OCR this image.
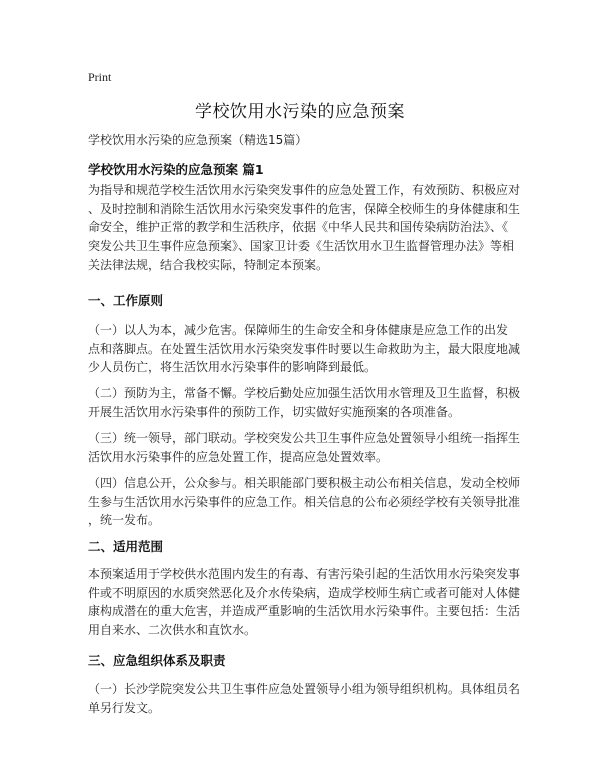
Print
学校饮用水污染的应急预案
学校饮用水污染的应急预案（精选15篇）
学校饮用水污染的应急预案 篇1
为指导和规范学校生活饮用水污染突发事件的应急处置工作，有效预防、积极应对
、及时控制和消除生活饮用水污染突发事件的危害，保障全校师生的身体健康和生
命安全，维护正常的教学和生活秩序，依据《中华人民共和国传染病防治法》、《
突发公共卫生事件应急预案》、国家卫计委《生活饮用水卫生监督管理办法》等相
关法律法规，结合我校实际，特制定本预案。
一、工作原则
（一）以人为本，减少危害。保障师生的生命安全和身体健康是应急工作的出发
点和落脚点。在处置生活饮用水污染突发事件时要以生命救助为主，最大限度地减
少人员伤亡，将生活饮用水污染事件的影响降到最低。
（二）预防为主，常备不懈。学校后勤处应加强生活饮用水管理及卫生监督，积极
开展生活饮用水污染事件的预防工作，切实做好实施预案的各项准备。
（三）统一领导，部门联动。学校突发公共卫生事件应急处置领导小组统一指挥生
活饮用水污染事件的应急处置工作，提高应急处置效率。
（四）信息公开，公众参与。相关职能部门要积极主动公布相关信息，发动全校师
生参与生活饮用水污染事件的应急工作。相关信息的公布必须经学校有关领导批准
，统一发布。
二、适用范围
本预案适用于学校供水范围内发生的有毒、有害污染引起的生活饮用水污染突发事
件或不明原因的水质突然恶化及介水传染病，造成学校师生病亡或者可能对人体健
康构成潜在的重大危害，并造成严重影响的生活饮用水污染事件。主要包括：生活
用自来水、二次供水和直饮水。
三、应急组织体系及职责
（一）长沙学院突发公共卫生事件应急处置领导小组为领导组织机构。具体组员名
单另行发文。
